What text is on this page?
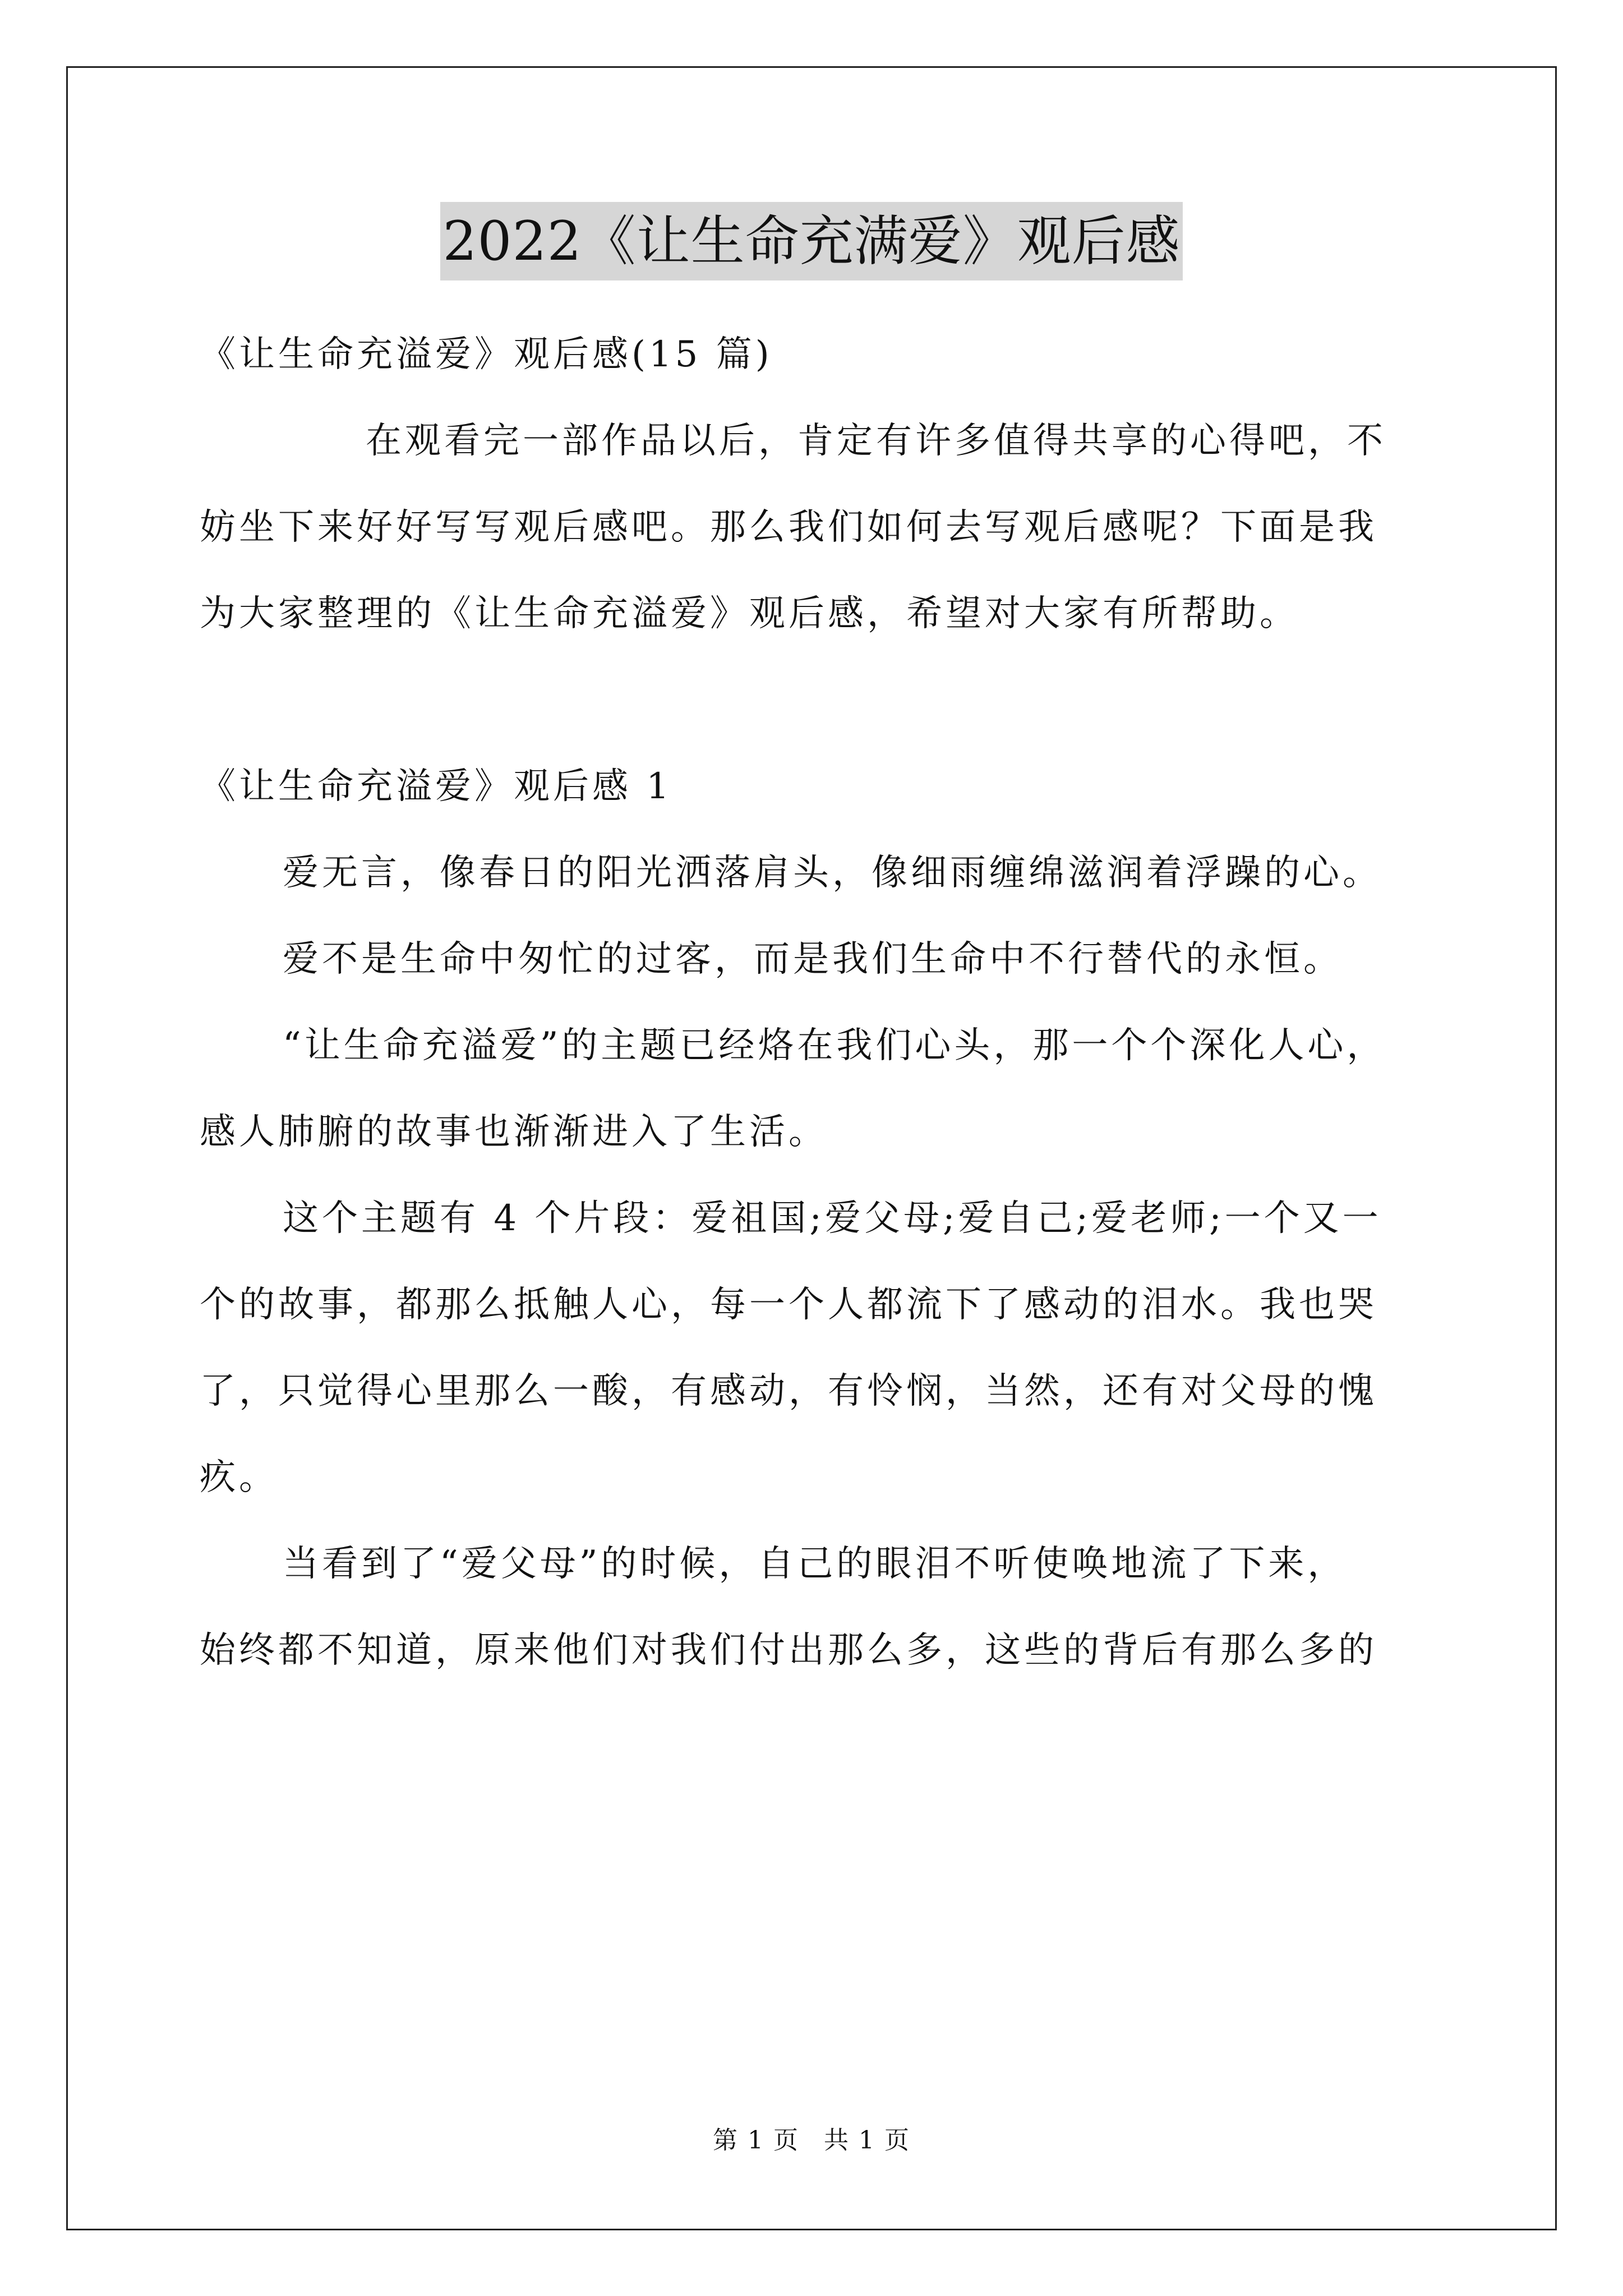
2022《让生命充满爱》观后感
《让生命充溢爱》观后感(15 篇)
在观看完一部作品以后，肯定有许多值得共享的心得吧，不
妨坐下来好好写写观后感吧。那么我们如何去写观后感呢？下面是我
为大家整理的《让生命充溢爱》观后感，希望对大家有所帮助。
《让生命充溢爱》观后感 1
爱无言，像春日的阳光洒落肩头，像细雨缠绵滋润着浮躁的心。
爱不是生命中匆忙的过客，而是我们生命中不行替代的永恒。
“让生命充溢爱”的主题已经烙在我们心头，那一个个深化人心，
感人肺腑的故事也渐渐进入了生活。
这个主题有 4 个片段：爱祖国;爱父母;爱自己;爱老师;一个又一
个的故事，都那么抵触人心，每一个人都流下了感动的泪水。我也哭
了，只觉得心里那么一酸，有感动，有怜悯，当然，还有对父母的愧
疚。
当看到了“爱父母”的时候，自己的眼泪不听使唤地流了下来，
始终都不知道，原来他们对我们付出那么多，这些的背后有那么多的
第 1 页 共 1 页
